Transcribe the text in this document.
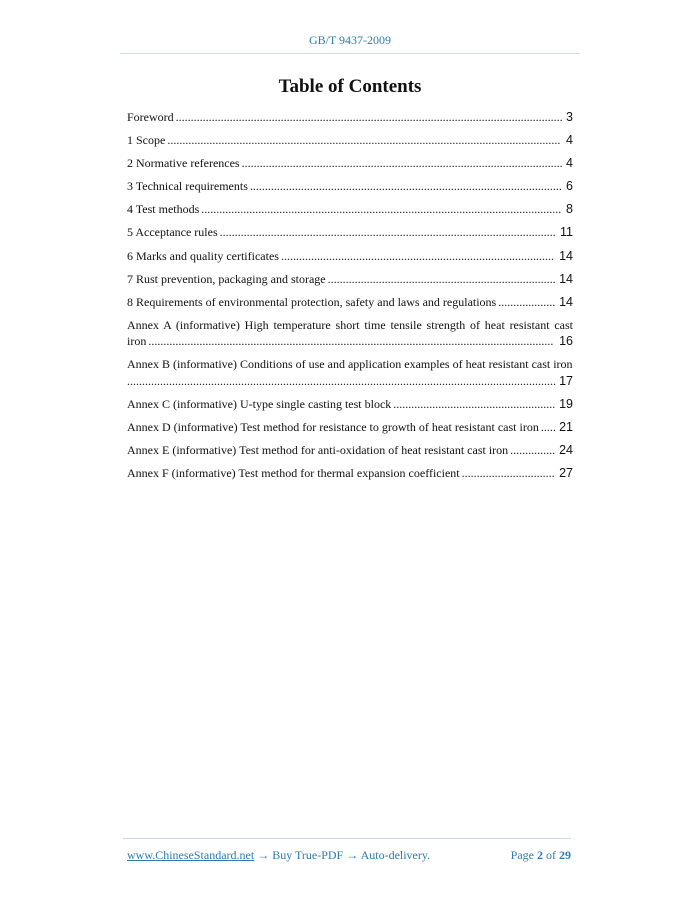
GB/T 9437-2009
Table of Contents
Foreword ................................................................................................................................. 3
1 Scope ................................................................................................................................... 4
2 Normative references ........................................................................................................... 4
3 Technical requirements ........................................................................................................ 6
4 Test methods ........................................................................................................................ 8
5 Acceptance rules ................................................................................................................ 11
6 Marks and quality certificates ........................................................................................... 14
7 Rust prevention, packaging and storage ............................................................................ 14
8 Requirements of environmental protection, safety and laws and regulations ................... 14
Annex A (informative) High temperature short time tensile strength of heat resistant cast iron ....................................................................................................................................... 16
Annex B (informative) Conditions of use and application examples of heat resistant cast iron
............................................................................................................................................... 17
Annex C (informative) U-type single casting test block ...................................................... 19
Annex D (informative) Test method for resistance to growth of heat resistant cast iron ..... 21
Annex E (informative) Test method for anti-oxidation of heat resistant cast iron ............... 24
Annex F (informative) Test method for thermal expansion coefficient ............................... 27
www.ChineseStandard.net → Buy True-PDF → Auto-delivery.	Page 2 of 29
